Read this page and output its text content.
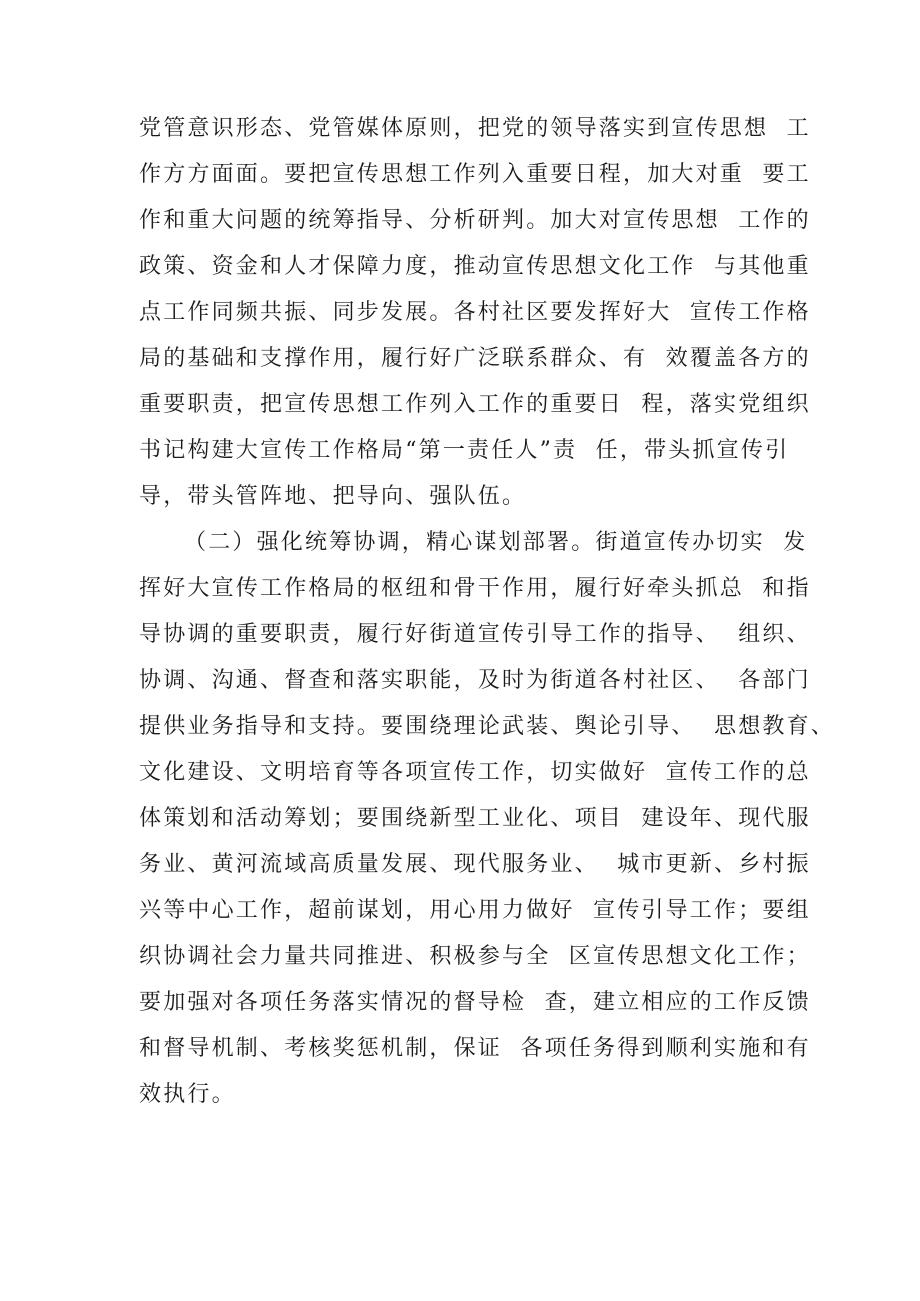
党管意识形态、党管媒体原则，把党的领导落实到宣传思想  工
作方方面面。要把宣传思想工作列入重要日程，加大对重  要工
作和重大问题的统筹指导、分析研判。加大对宣传思想  工作的
政策、资金和人才保障力度，推动宣传思想文化工作  与其他重
点工作同频共振、同步发展。各村社区要发挥好大  宣传工作格
局的基础和支撑作用，履行好广泛联系群众、有  效覆盖各方的
重要职责，把宣传思想工作列入工作的重要日  程，落实党组织
书记构建大宣传工作格局“第一责任人”责  任，带头抓宣传引
导，带头管阵地、把导向、强队伍。
（二）强化统筹协调，精心谋划部署。街道宣传办切实  发
挥好大宣传工作格局的枢纽和骨干作用，履行好牵头抓总  和指
导协调的重要职责，履行好街道宣传引导工作的指导、  组织、
协调、沟通、督查和落实职能，及时为街道各村社区、  各部门
提供业务指导和支持。要围绕理论武装、舆论引导、  思想教育、
文化建设、文明培育等各项宣传工作，切实做好  宣传工作的总
体策划和活动筹划；要围绕新型工业化、项目  建设年、现代服
务业、黄河流域高质量发展、现代服务业、  城市更新、乡村振
兴等中心工作，超前谋划，用心用力做好  宣传引导工作；要组
织协调社会力量共同推进、积极参与全  区宣传思想文化工作；
要加强对各项任务落实情况的督导检  查，建立相应的工作反馈
和督导机制、考核奖惩机制，保证  各项任务得到顺利实施和有
效执行。
